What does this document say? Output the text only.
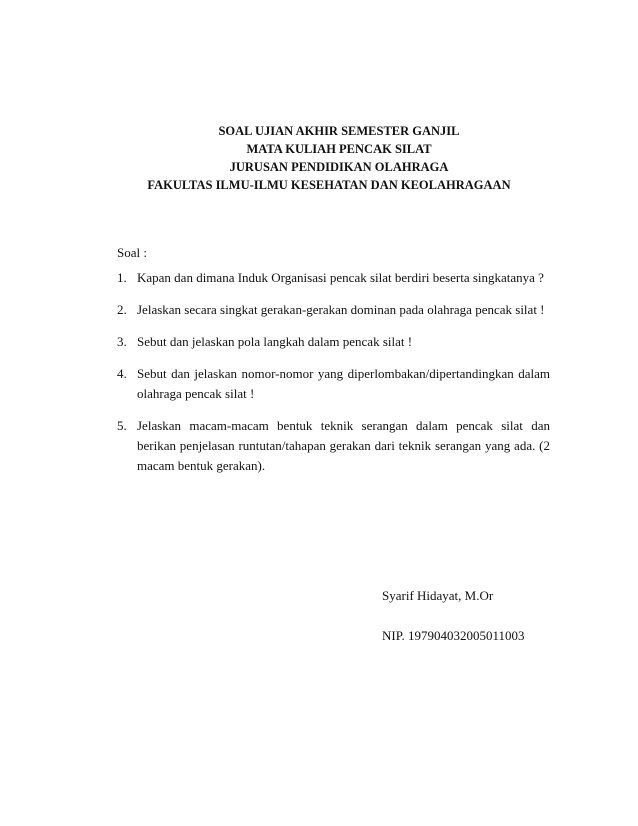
SOAL UJIAN AKHIR SEMESTER GANJIL
MATA KULIAH PENCAK SILAT
JURUSAN PENDIDIKAN OLAHRAGA
FAKULTAS ILMU-ILMU KESEHATAN DAN KEOLAHRAGAAN
Soal :
1. Kapan dan dimana Induk Organisasi pencak silat berdiri beserta singkatanya ?
2. Jelaskan secara singkat gerakan-gerakan dominan pada olahraga pencak silat !
3. Sebut dan jelaskan pola langkah dalam pencak silat !
4. Sebut dan jelaskan nomor-nomor yang diperlombakan/dipertandingkan dalam olahraga pencak silat !
5. Jelaskan macam-macam bentuk teknik serangan dalam pencak silat dan berikan penjelasan runtutan/tahapan gerakan dari teknik serangan yang ada. (2 macam bentuk gerakan).
Syarif Hidayat, M.Or
NIP. 197904032005011003
